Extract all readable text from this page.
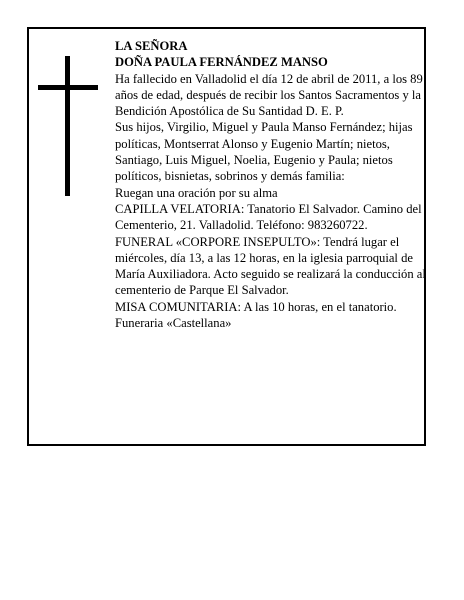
LA SEÑORA

DOÑA PAULA FERNÁNDEZ MANSO

Ha fallecido en Valladolid el día 12 de abril de 2011, a los 89 años de edad, después de recibir los Santos Sacramentos y la Bendición Apostólica de Su Santidad D. E. P.

Sus hijos, Virgilio, Miguel y Paula Manso Fernández; hijas políticas, Montserrat Alonso y Eugenio Martín; nietos, Santiago, Luis Miguel, Noelia, Eugenio y Paula; nietos políticos, bisnietas, sobrinos y demás familia:

Ruegan una oración por su alma

CAPILLA VELATORIA: Tanatorio El Salvador. Camino del Cementerio, 21. Valladolid. Teléfono: 983260722.

FUNERAL «CORPORE INSEPULTO»: Tendrá lugar el miércoles, día 13, a las 12 horas, en la iglesia parroquial de María Auxiliadora. Acto seguido se realizará la conducción al cementerio de Parque El Salvador.

MISA COMUNITARIA: A las 10 horas, en el tanatorio.

Funeraria «Castellana»
